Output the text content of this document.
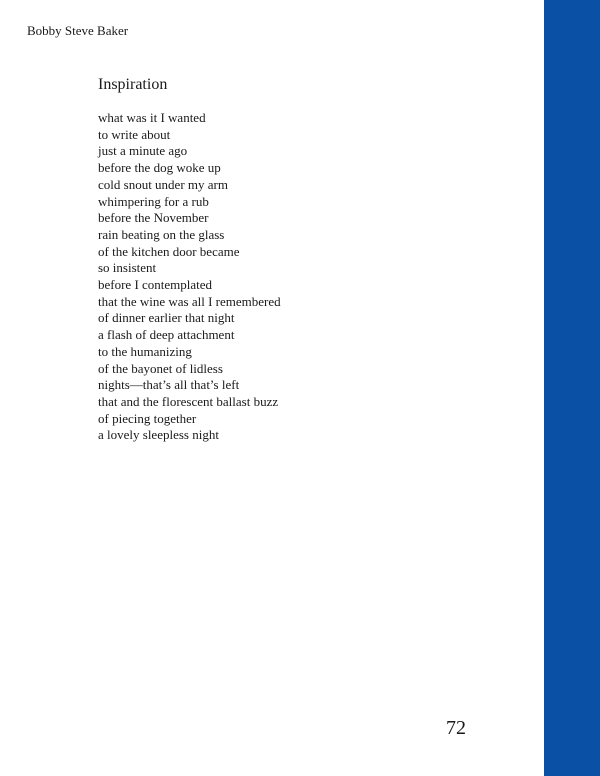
Bobby Steve Baker
Inspiration
what was it I wanted
to write about
just a minute ago
before the dog woke up
cold snout under my arm
whimpering for a rub
before the November
rain beating on the glass
of the kitchen door became
so insistent
before I contemplated
that the wine was all I remembered
of dinner earlier that night
a flash of deep attachment
to the humanizing
of the bayonet of lidless
nights—that’s all that’s left
that and the florescent ballast buzz
of piecing together
a lovely sleepless night
72
